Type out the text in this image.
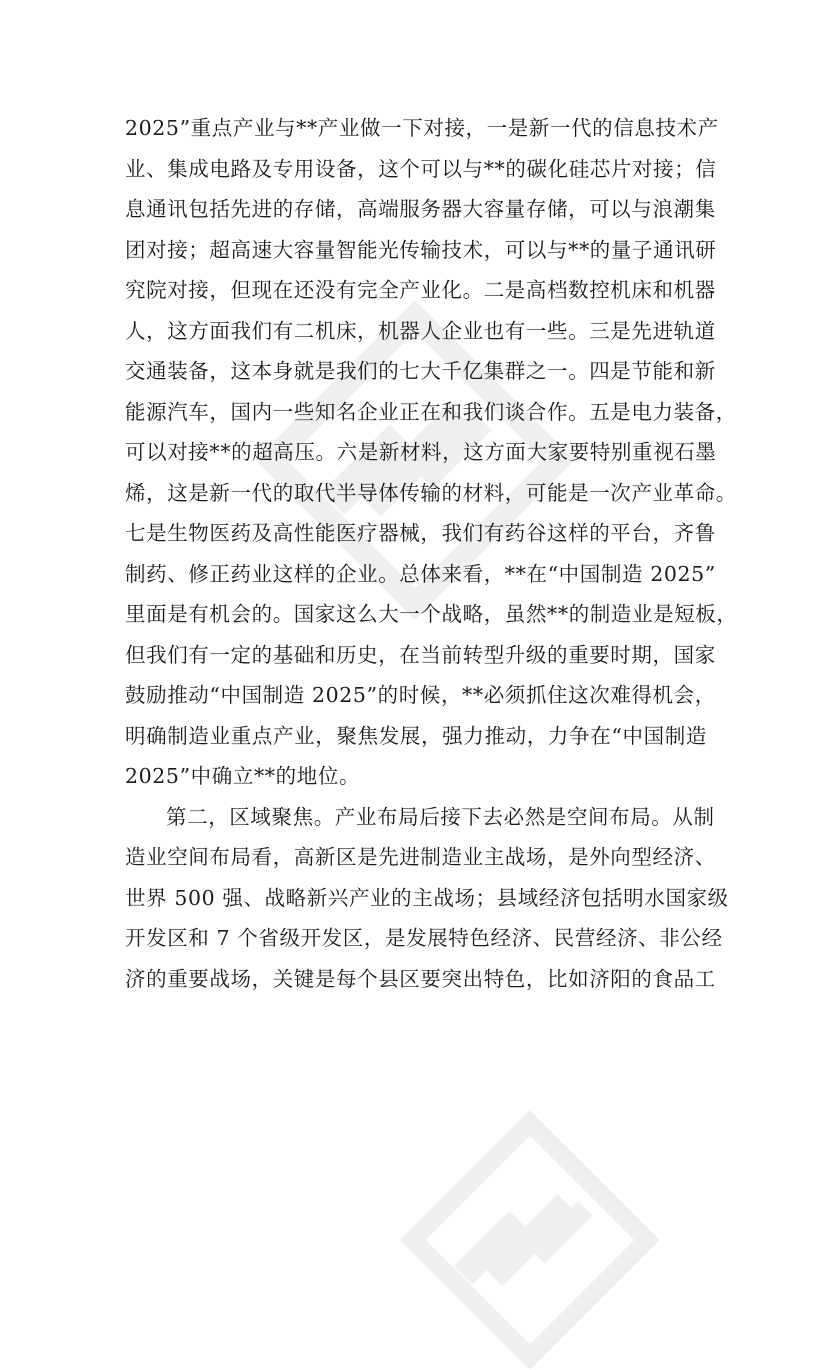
2025”重点产业与**产业做一下对接，一是新一代的信息技术产
业、集成电路及专用设备，这个可以与**的碳化硅芯片对接；信
息通讯包括先进的存储，高端服务器大容量存储，可以与浪潮集
团对接；超高速大容量智能光传输技术，可以与**的量子通讯研
究院对接，但现在还没有完全产业化。二是高档数控机床和机器
人，这方面我们有二机床，机器人企业也有一些。三是先进轨道
交通装备，这本身就是我们的七大千亿集群之一。四是节能和新
能源汽车，国内一些知名企业正在和我们谈合作。五是电力装备，
可以对接**的超高压。六是新材料，这方面大家要特别重视石墨
烯，这是新一代的取代半导体传输的材料，可能是一次产业革命。
七是生物医药及高性能医疗器械，我们有药谷这样的平台，齐鲁
制药、修正药业这样的企业。总体来看，**在“中国制造 2025”
里面是有机会的。国家这么大一个战略，虽然**的制造业是短板，
但我们有一定的基础和历史，在当前转型升级的重要时期，国家
鼓励推动“中国制造 2025”的时候，**必须抓住这次难得机会，
明确制造业重点产业，聚焦发展，强力推动，力争在“中国制造
2025”中确立**的地位。

第二，区域聚焦。产业布局后接下去必然是空间布局。从制
造业空间布局看，高新区是先进制造业主战场，是外向型经济、
世界 500 强、战略新兴产业的主战场；县域经济包括明水国家级
开发区和 7 个省级开发区，是发展特色经济、民营经济、非公经
济的重要战场，关键是每个县区要突出特色，比如济阳的食品工
